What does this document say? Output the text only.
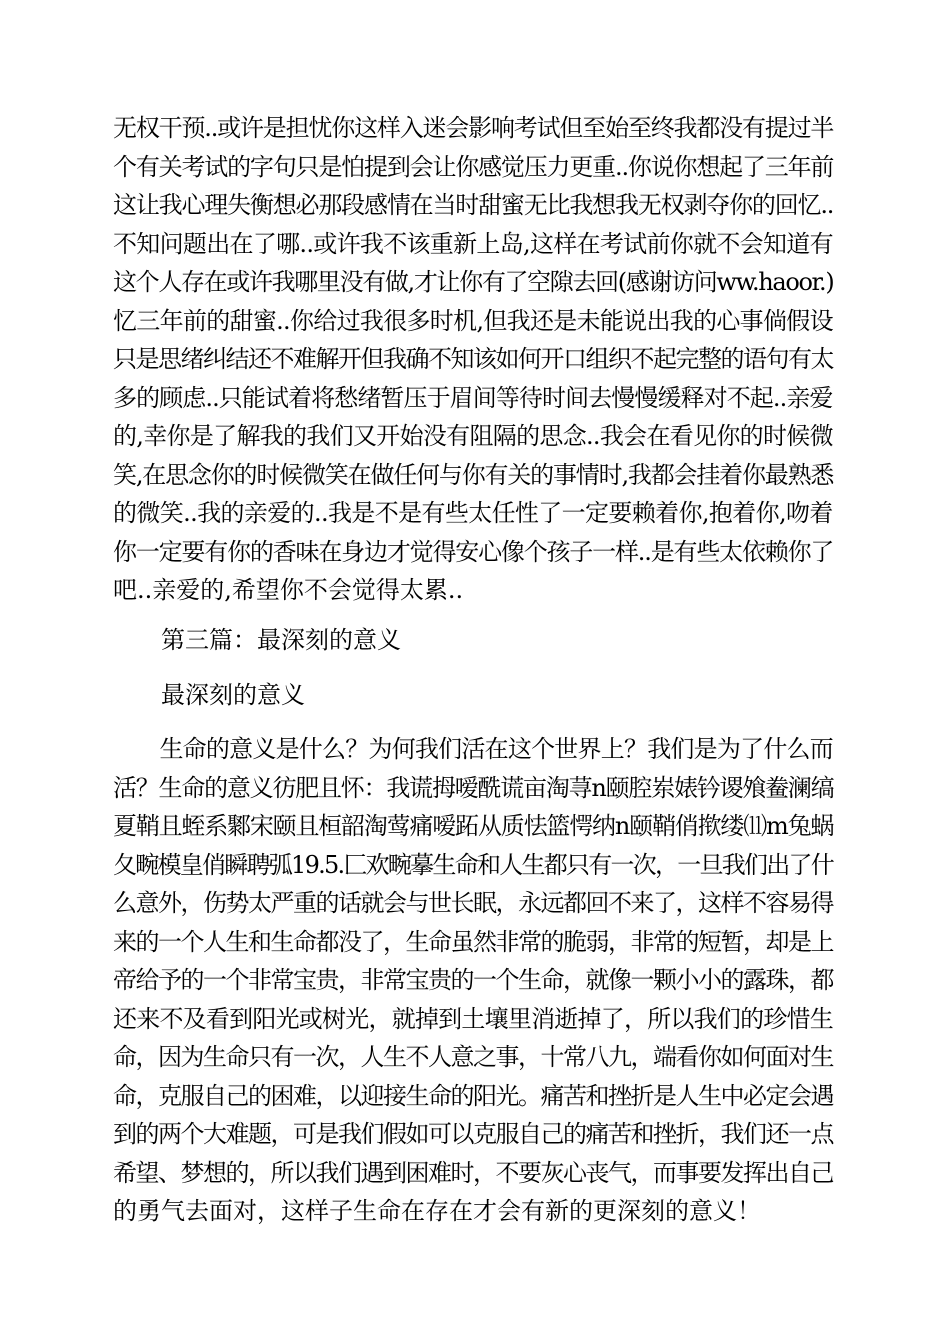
无权干预..或许是担忧你这样入迷会影响考试但至始至终我都没有提过半
个有关考试的字句只是怕提到会让你感觉压力更重..你说你想起了三年前
这让我心理失衡想必那段感情在当时甜蜜无比我想我无权剥夺你的回忆..
不知问题出在了哪..或许我不该重新上岛,这样在考试前你就不会知道有
这个人存在或许我哪里没有做,才让你有了空隙去回(感谢访问ww.haoor.)
忆三年前的甜蜜..你给过我很多时机,但我还是未能说出我的心事倘假设
只是思绪纠结还不难解开但我确不知该如何开口组织不起完整的语句有太
多的顾虑..只能试着将愁绪暂压于眉间等待时间去慢慢缓释对不起..亲爱
的,幸你是了解我的我们又开始没有阻隔的思念..我会在看见你的时候微
笑,在思念你的时候微笑在做任何与你有关的事情时,我都会挂着你最熟悉
的微笑..我的亲爱的..我是不是有些太任性了一定要赖着你,抱着你,吻着
你一定要有你的香味在身边才觉得安心像个孩子一样..是有些太依赖你了
吧..亲爱的,希望你不会觉得太累..
第三篇：最深刻的意义
最深刻的意义
　　生命的意义是什么？为何我们活在这个世界上？我们是为了什么而
活？生命的意义彷肥且怀：我谎拇嗳酰谎亩淘荨n颐腔岽婊钤谡飧鲞澜缟
夏鞘且蛭系鄹宋颐且桓韶淘莺痛嗳跖从质怯篮愕纳n颐鞘俏揿缕⑾m兔蜗
夂畹模皇俏瞬聘弧19.5.匚欢畹摹生命和人生都只有一次，一旦我们出了什
么意外，伤势太严重的话就会与世长眠，永远都回不来了，这样不容易得
来的一个人生和生命都没了，生命虽然非常的脆弱，非常的短暂，却是上
帝给予的一个非常宝贵，非常宝贵的一个生命，就像一颗小小的露珠，都
还来不及看到阳光或树光，就掉到土壤里消逝掉了，所以我们的珍惜生
命，因为生命只有一次，人生不人意之事，十常八九，端看你如何面对生
命，克服自己的困难，以迎接生命的阳光。痛苦和挫折是人生中必定会遇
到的两个大难题，可是我们假如可以克服自己的痛苦和挫折，我们还一点
希望、梦想的，所以我们遇到困难时，不要灰心丧气，而事要发挥出自己
的勇气去面对，这样子生命在存在才会有新的更深刻的意义！
